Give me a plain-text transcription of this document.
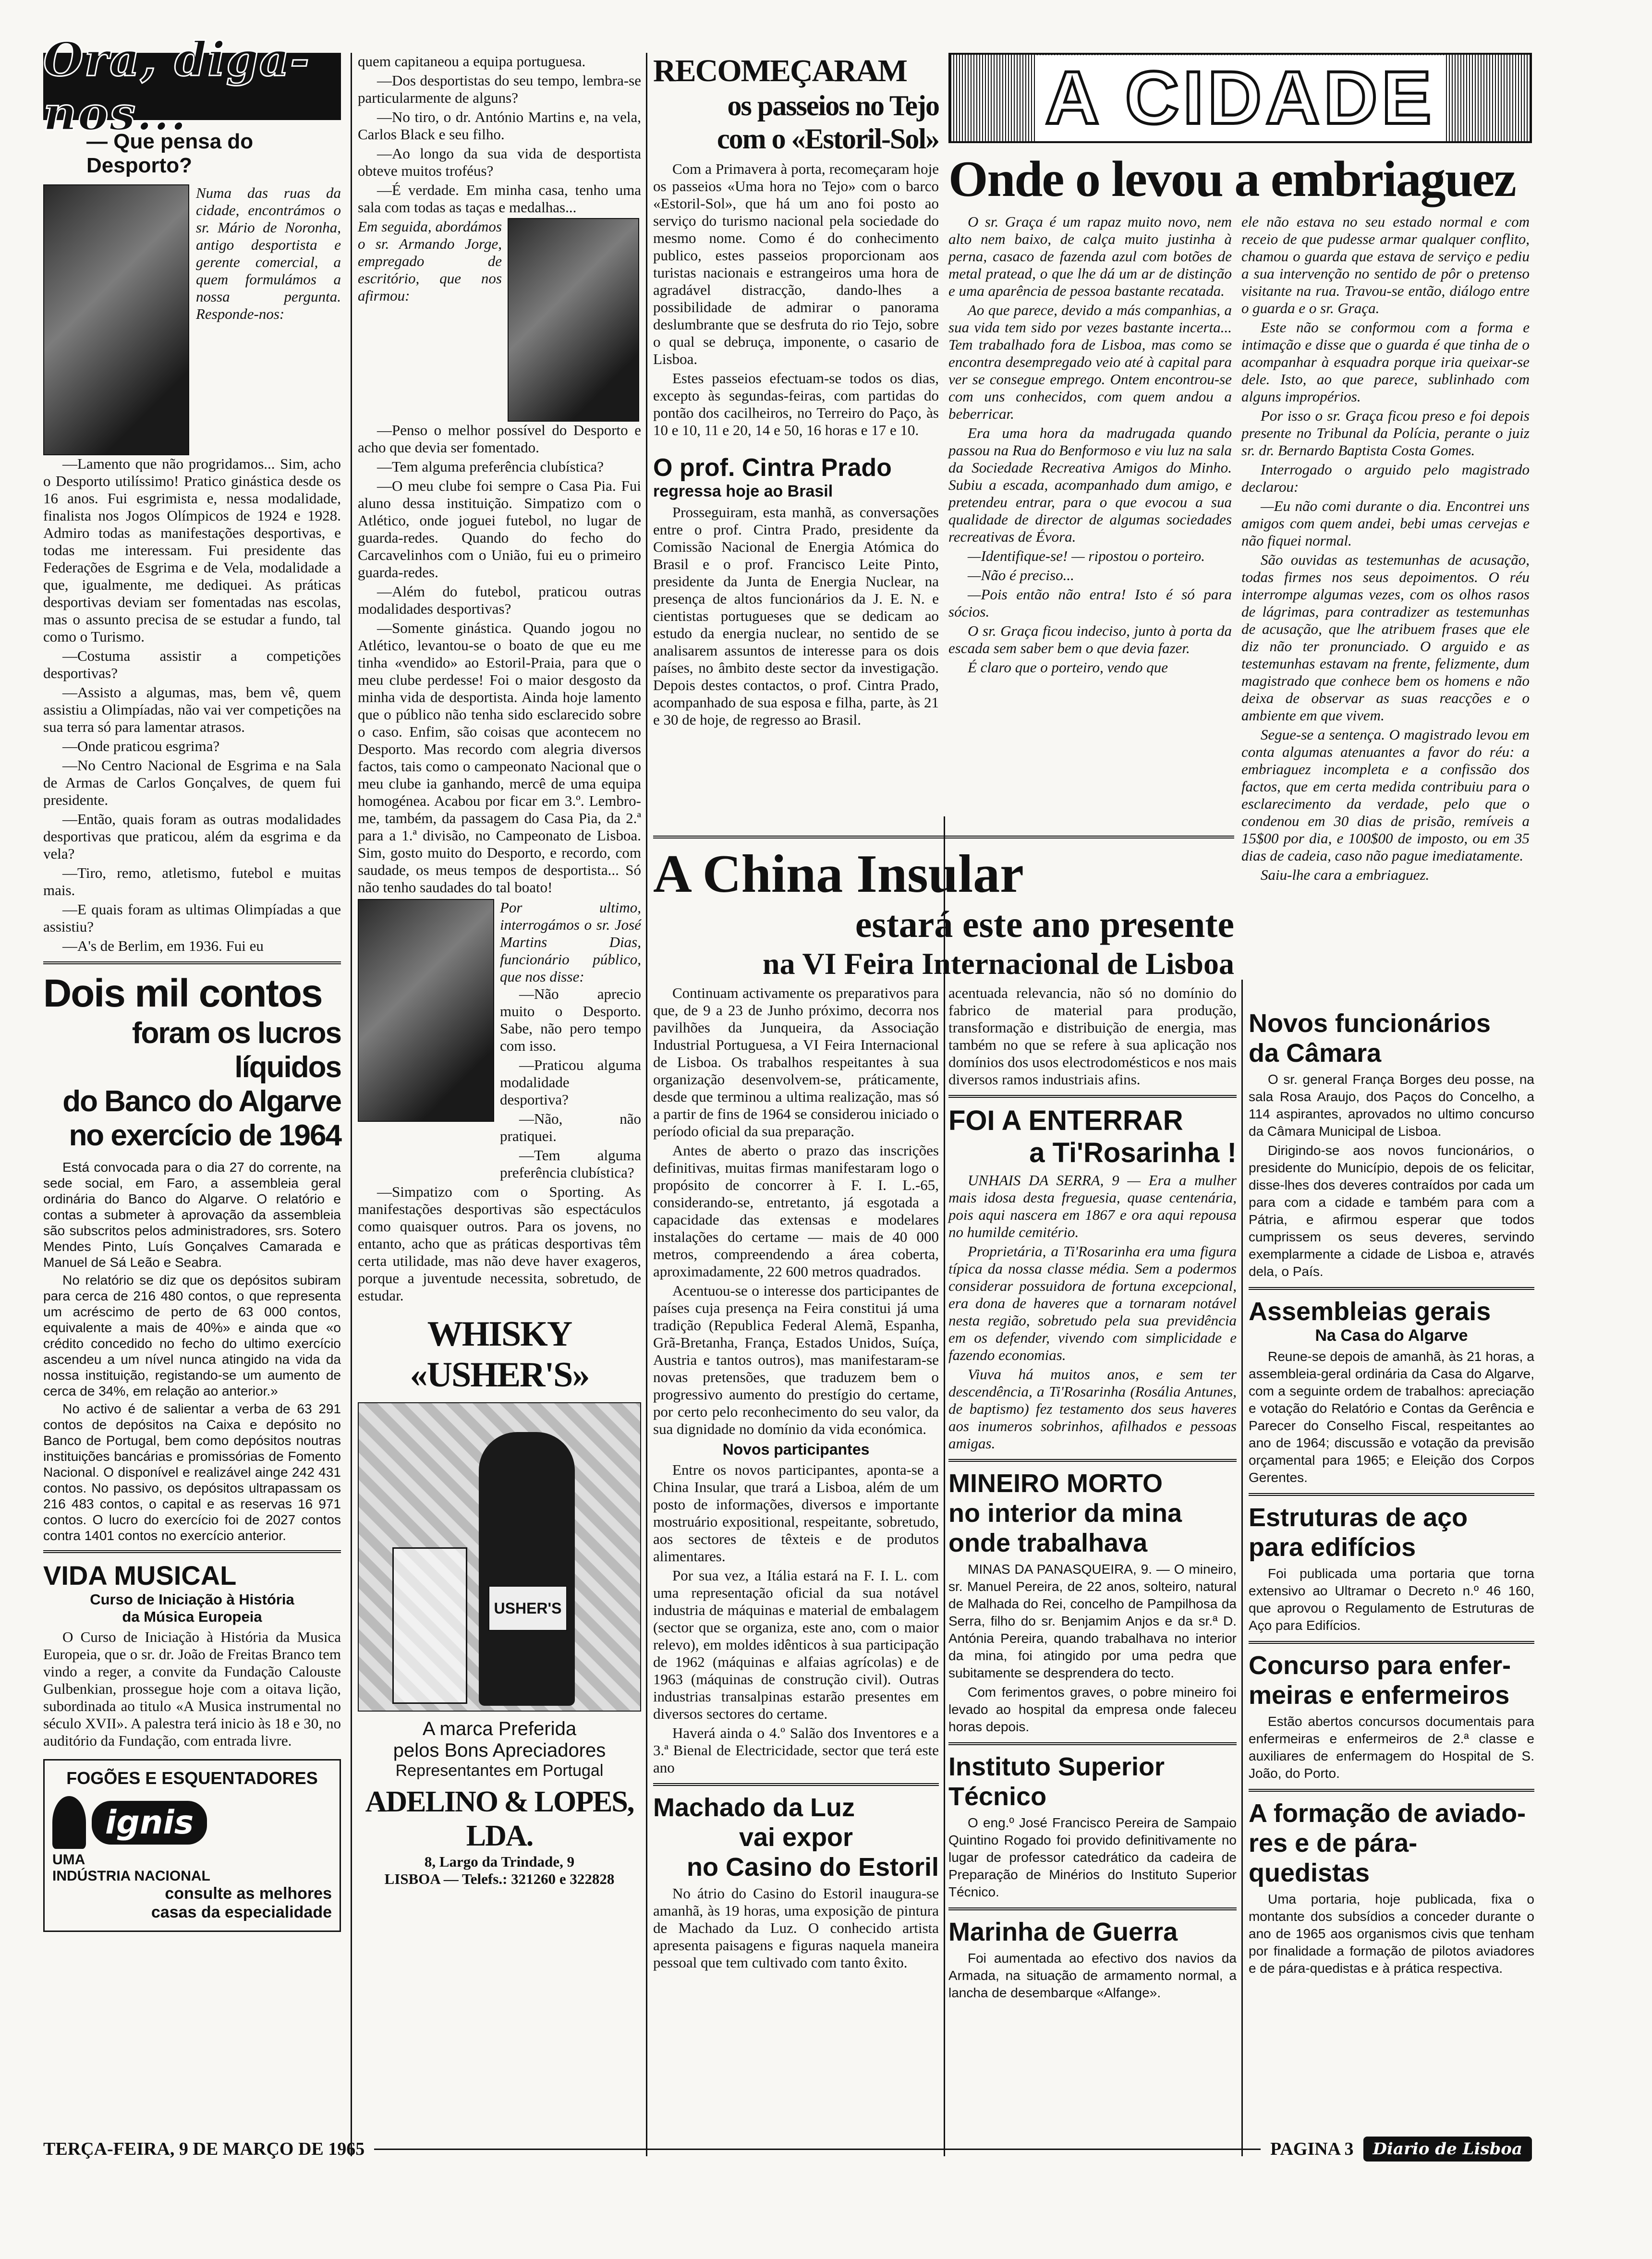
Ora, diga-nos...
— Que pensa do Desporto?

Numa das ruas da cidade, encontrámos o sr. Mário de Noronha, antigo desportista e gerente comercial, a quem formulámos a nossa pergunta. Responde-nos:

—Lamento que não progridamos... Sim, acho o Desporto utilíssimo! Pratico ginástica desde os 16 anos. Fui esgrimista e, nessa modalidade, finalista nos Jogos Olímpicos de 1924 e 1928. Admiro todas as manifestações desportivas, e todas me interessam. Fui presidente das Federações de Esgrima e de Vela, modalidade a que, igualmente, me dediquei. As práticas desportivas deviam ser fomentadas nas escolas, mas o assunto precisa de se estudar a fundo, tal como o Turismo.

—Costuma assistir a competições desportivas?

—Assisto a algumas, mas, bem vê, quem assistiu a Olimpíadas, não vai ver competições na sua terra só para lamentar atrasos.

—Onde praticou esgrima?

—No Centro Nacional de Esgrima e na Sala de Armas de Carlos Gonçalves, de quem fui presidente.

—Então, quais foram as outras modalidades desportivas que praticou, além da esgrima e da vela?

—Tiro, remo, atletismo, futebol e muitas mais.

—E quais foram as ultimas Olimpíadas a que assistiu?

—A's de Berlim, em 1936. Fui eu

Dois mil contos
foram os lucros líquidos
do Banco do Algarve
no exercício de 1964

Está convocada para o dia 27 do corrente, na sede social, em Faro, a assembleia geral ordinária do Banco do Algarve. O relatório e contas a submeter à aprovação da assembleia são subscritos pelos administradores, srs. Sotero Mendes Pinto, Luís Gonçalves Camarada e Manuel de Sá Leão e Seabra.

No relatório se diz que os depósitos subiram para cerca de 216 480 contos, o que representa um acréscimo de perto de 63 000 contos, equivalente a mais de 40%» e ainda que «o crédito concedido no fecho do ultimo exercício ascendeu a um nível nunca atingido na vida da nossa instituição, registando-se um aumento de cerca de 34%, em relação ao anterior.»

No activo é de salientar a verba de 63 291 contos de depósitos na Caixa e depósito no Banco de Portugal, bem como depósitos noutras instituições bancárias e promissórias de Fomento Nacional. O disponível e realizável ainge 242 431 contos. No passivo, os depósitos ultrapassam os 216 483 contos, o capital e as reservas 16 971 contos. O lucro do exercício foi de 2027 contos contra 1401 contos no exercício anterior.

VIDA MUSICAL
Curso de Iniciação à História
da Música Europeia

O Curso de Iniciação à História da Musica Europeia, que o sr. dr. João de Freitas Branco tem vindo a reger, a convite da Fundação Calouste Gulbenkian, prossegue hoje com a oitava lição, subordinada ao titulo «A Musica instrumental no século XVII». A palestra terá inicio às 18 e 30, no auditório da Fundação, com entrada livre.

FOGÕES E ESQUENTADORES
ignis
UMA
INDÚSTRIA NACIONAL
consulte as melhores
casas da especialidade

quem capitaneou a equipa portuguesa.

—Dos desportistas do seu tempo, lembra-se particularmente de alguns?

—No tiro, o dr. António Martins e, na vela, Carlos Black e seu filho.

—Ao longo da sua vida de desportista obteve muitos troféus?

—É verdade. Em minha casa, tenho uma sala com todas as taças e medalhas...

Em seguida, abordámos o sr. Armando Jorge, empregado de escritório, que nos afirmou:

—Penso o melhor possível do Desporto e acho que devia ser fomentado.

—Tem alguma preferência clubística?

—O meu clube foi sempre o Casa Pia. Fui aluno dessa instituição. Simpatizo com o Atlético, onde joguei futebol, no lugar de guarda-redes. Quando do fecho do Carcavelinhos com o União, fui eu o primeiro guarda-redes.

—Além do futebol, praticou outras modalidades desportivas?

—Somente ginástica. Quando jogou no Atlético, levantou-se o boato de que eu me tinha «vendido» ao Estoril-Praia, para que o meu clube perdesse! Foi o maior desgosto da minha vida de desportista. Ainda hoje lamento que o público não tenha sido esclarecido sobre o caso. Enfim, são coisas que acontecem no Desporto. Mas recordo com alegria diversos factos, tais como o campeonato Nacional que o meu clube ia ganhando, mercê de uma equipa homogénea. Acabou por ficar em 3.º. Lembro-me, também, da passagem do Casa Pia, da 2.ª para a 1.ª divisão, no Campeonato de Lisboa. Sim, gosto muito do Desporto, e recordo, com saudade, os meus tempos de desportista... Só não tenho saudades do tal boato!

Por ultimo, interrogámos o sr. José Martins Dias, funcionário público, que nos disse:

—Não aprecio muito o Desporto. Sabe, não pero tempo com isso.

—Praticou alguma modalidade desportiva?

—Não, não pratiquei.

—Tem alguma preferência clubística?

—Simpatizo com o Sporting. As manifestações desportivas são espectáculos como quaisquer outros. Para os jovens, no entanto, acho que as práticas desportivas têm certa utilidade, mas não deve haver exageros, porque a juventude necessita, sobretudo, de estudar.

WHISKY «USHER'S»
USHER'S
A marca Preferida
pelos Bons Apreciadores
Representantes em Portugal
ADELINO & LOPES, LDA.
8, Largo da Trindade, 9
LISBOA — Telefs.: 321260 e 322828
RECOMEÇARAM
os passeios no Tejo
com o «Estoril-Sol»

Com a Primavera à porta, recomeçaram hoje os passeios «Uma hora no Tejo» com o barco «Estoril-Sol», que há um ano foi posto ao serviço do turismo nacional pela sociedade do mesmo nome. Como é do conhecimento publico, estes passeios proporcionam aos turistas nacionais e estrangeiros uma hora de agradável distracção, dando-lhes a possibilidade de admirar o panorama deslumbrante que se desfruta do rio Tejo, sobre o qual se debruça, imponente, o casario de Lisboa.

Estes passeios efectuam-se todos os dias, excepto às segundas-feiras, com partidas do pontão dos cacilheiros, no Terreiro do Paço, às 10 e 10, 11 e 20, 14 e 50, 16 horas e 17 e 10.

O prof. Cintra Prado
regressa hoje ao Brasil

Prosseguiram, esta manhã, as conversações entre o prof. Cintra Prado, presidente da Comissão Nacional de Energia Atómica do Brasil e o prof. Francisco Leite Pinto, presidente da Junta de Energia Nuclear, na presença de altos funcionários da J. E. N. e cientistas portugueses que se dedicam ao estudo da energia nuclear, no sentido de se analisarem assuntos de interesse para os dois países, no âmbito deste sector da investigação. Depois destes contactos, o prof. Cintra Prado, acompanhado de sua esposa e filha, parte, às 21 e 30 de hoje, de regresso ao Brasil.

A CIDADE
Onde o levou a embriaguez

O sr. Graça é um rapaz muito novo, nem alto nem baixo, de calça muito justinha à perna, casaco de fazenda azul com botões de metal pratead, o que lhe dá um ar de distinção e uma aparência de pessoa bastante recatada.

Ao que parece, devido a más companhias, a sua vida tem sido por vezes bastante incerta... Tem trabalhado fora de Lisboa, mas como se encontra desempregado veio até à capital para ver se consegue emprego. Ontem encontrou-se com uns conhecidos, com quem andou a beberricar.

Era uma hora da madrugada quando passou na Rua do Benformoso e viu luz na sala da Sociedade Recreativa Amigos do Minho. Subiu a escada, acompanhado dum amigo, e pretendeu entrar, para o que evocou a sua qualidade de director de algumas sociedades recreativas de Évora.

—Identifique-se! — ripostou o porteiro.

—Não é preciso...

—Pois então não entra! Isto é só para sócios.

O sr. Graça ficou indeciso, junto à porta da escada sem saber bem o que devia fazer.

É claro que o porteiro, vendo que

ele não estava no seu estado normal e com receio de que pudesse armar qualquer conflito, chamou o guarda que estava de serviço e pediu a sua intervenção no sentido de pôr o pretenso visitante na rua. Travou-se então, diálogo entre o guarda e o sr. Graça.

Este não se conformou com a forma e intimação e disse que o guarda é que tinha de o acompanhar à esquadra porque iria queixar-se dele. Isto, ao que parece, sublinhado com alguns impropérios.

Por isso o sr. Graça ficou preso e foi depois presente no Tribunal da Polícia, perante o juiz sr. dr. Bernardo Baptista Costa Gomes.

Interrogado o arguido pelo magistrado declarou:

—Eu não comi durante o dia. Encontrei uns amigos com quem andei, bebi umas cervejas e não fiquei normal.

São ouvidas as testemunhas de acusação, todas firmes nos seus depoimentos. O réu interrompe algumas vezes, com os olhos rasos de lágrimas, para contradizer as testemunhas de acusação, que lhe atribuem frases que ele diz não ter pronunciado. O arguido e as testemunhas estavam na frente, felizmente, dum magistrado que conhece bem os homens e não deixa de observar as suas reacções e o ambiente em que vivem.

Segue-se a sentença. O magistrado levou em conta algumas atenuantes a favor do réu: a embriaguez incompleta e a confissão dos factos, que em certa medida contribuiu para o esclarecimento da verdade, pelo que o condenou em 30 dias de prisão, remíveis a 15$00 por dia, e 100$00 de imposto, ou em 35 dias de cadeia, caso não pague imediatamente.

Saiu-lhe cara a embriaguez.

A China Insular
estará este ano presente
na VI Feira Internacional de Lisboa

Continuam activamente os preparativos para que, de 9 a 23 de Junho próximo, decorra nos pavilhões da Junqueira, da Associação Industrial Portuguesa, a VI Feira Internacional de Lisboa. Os trabalhos respeitantes à sua organização desenvolvem-se, práticamente, desde que terminou a ultima realização, mas só a partir de fins de 1964 se considerou iniciado o período oficial da sua preparação.

Antes de aberto o prazo das inscrições definitivas, muitas firmas manifestaram logo o propósito de concorrer à F. I. L.-65, considerando-se, entretanto, já esgotada a capacidade das extensas e modelares instalações do certame — mais de 40 000 metros, compreendendo a área coberta, aproximadamente, 22 600 metros quadrados.

Acentuou-se o interesse dos participantes de países cuja presença na Feira constitui já uma tradição (Republica Federal Alemã, Espanha, Grã-Bretanha, França, Estados Unidos, Suíça, Austria e tantos outros), mas manifestaram-se novas pretensões, que traduzem bem o progressivo aumento do prestígio do certame, por certo pelo reconhecimento do seu valor, da sua dignidade no domínio da vida económica.

Novos participantes

Entre os novos participantes, aponta-se a China Insular, que trará a Lisboa, além de um posto de informações, diversos e importante mostruário expositional, respeitante, sobretudo, aos sectores de têxteis e de produtos alimentares.

Por sua vez, a Itália estará na F. I. L. com uma representação oficial da sua notável industria de máquinas e material de embalagem (sector que se organiza, este ano, com o maior relevo), em moldes idênticos à sua participação de 1962 (máquinas e alfaias agrícolas) e de 1963 (máquinas de construção civil). Outras industrias transalpinas estarão presentes em diversos sectores do certame.

Haverá ainda o 4.º Salão dos Inventores e a 3.ª Bienal de Electricidade, sector que terá este ano

Machado da Luz
vai expor
no Casino do Estoril

No átrio do Casino do Estoril inaugura-se amanhã, às 19 horas, uma exposição de pintura de Machado da Luz. O conhecido artista apresenta paisagens e figuras naquela maneira pessoal que tem cultivado com tanto êxito.

acentuada relevancia, não só no domínio do fabrico de material para produção, transformação e distribuição de energia, mas também no que se refere à sua aplicação nos domínios dos usos electrodomésticos e nos mais diversos ramos industriais afins.

FOI A ENTERRAR
a Ti'Rosarinha !

UNHAIS DA SERRA, 9 — Era a mulher mais idosa desta freguesia, quase centenária, pois aqui nascera em 1867 e ora aqui repousa no humilde cemitério.

Proprietária, a Ti'Rosarinha era uma figura típica da nossa classe média. Sem a podermos considerar possuidora de fortuna excepcional, era dona de haveres que a tornaram notável nesta região, sobretudo pela sua previdência em os defender, vivendo com simplicidade e fazendo economias.

Viuva há muitos anos, e sem ter descendência, a Ti'Rosarinha (Rosália Antunes, de baptismo) fez testamento dos seus haveres aos inumeros sobrinhos, afilhados e pessoas amigas.

MINEIRO MORTO
no interior da mina
onde trabalhava

MINAS DA PANASQUEIRA, 9. — O mineiro, sr. Manuel Pereira, de 22 anos, solteiro, natural de Malhada do Rei, concelho de Pampilhosa da Serra, filho do sr. Benjamim Anjos e da sr.ª D. Antónia Pereira, quando trabalhava no interior da mina, foi atingido por uma pedra que subitamente se desprendera do tecto.

Com ferimentos graves, o pobre mineiro foi levado ao hospital da empresa onde faleceu horas depois.

Instituto Superior
Técnico

O eng.º José Francisco Pereira de Sampaio Quintino Rogado foi provido definitivamente no lugar de professor catedrático da cadeira de Preparação de Minérios do Instituto Superior Técnico.

Marinha de Guerra

Foi aumentada ao efectivo dos navios da Armada, na situação de armamento normal, a lancha de desembarque «Alfange».

Novos funcionários
da Câmara

O sr. general França Borges deu posse, na sala Rosa Araujo, dos Paços do Concelho, a 114 aspirantes, aprovados no ultimo concurso da Câmara Municipal de Lisboa.

Dirigindo-se aos novos funcionários, o presidente do Município, depois de os felicitar, disse-lhes dos deveres contraídos por cada um para com a cidade e também para com a Pátria, e afirmou esperar que todos cumprissem os seus deveres, servindo exemplarmente a cidade de Lisboa e, através dela, o País.

Assembleias gerais
Na Casa do Algarve

Reune-se depois de amanhã, às 21 horas, a assembleia-geral ordinária da Casa do Algarve, com a seguinte ordem de trabalhos: apreciação e votação do Relatório e Contas da Gerência e Parecer do Conselho Fiscal, respeitantes ao ano de 1964; discussão e votação da previsão orçamental para 1965; e Eleição dos Corpos Gerentes.

Estruturas de aço
para edifícios

Foi publicada uma portaria que torna extensivo ao Ultramar o Decreto n.º 46 160, que aprovou o Regulamento de Estruturas de Aço para Edifícios.

Concurso para enfer-
meiras e enfermeiros

Estão abertos concursos documentais para enfermeiras e enfermeiros de 2.ª classe e auxiliares de enfermagem do Hospital de S. João, do Porto.

A formação de aviado-
res e de pára-quedistas

Uma portaria, hoje publicada, fixa o montante dos subsídios a conceder durante o ano de 1965 aos organismos civis que tenham por finalidade a formação de pilotos aviadores e de pára-quedistas e à prática respectiva.

TERÇA-FEIRA, 9 DE MARÇO DE 1965	PAGINA 3	Diario de Lisboa
